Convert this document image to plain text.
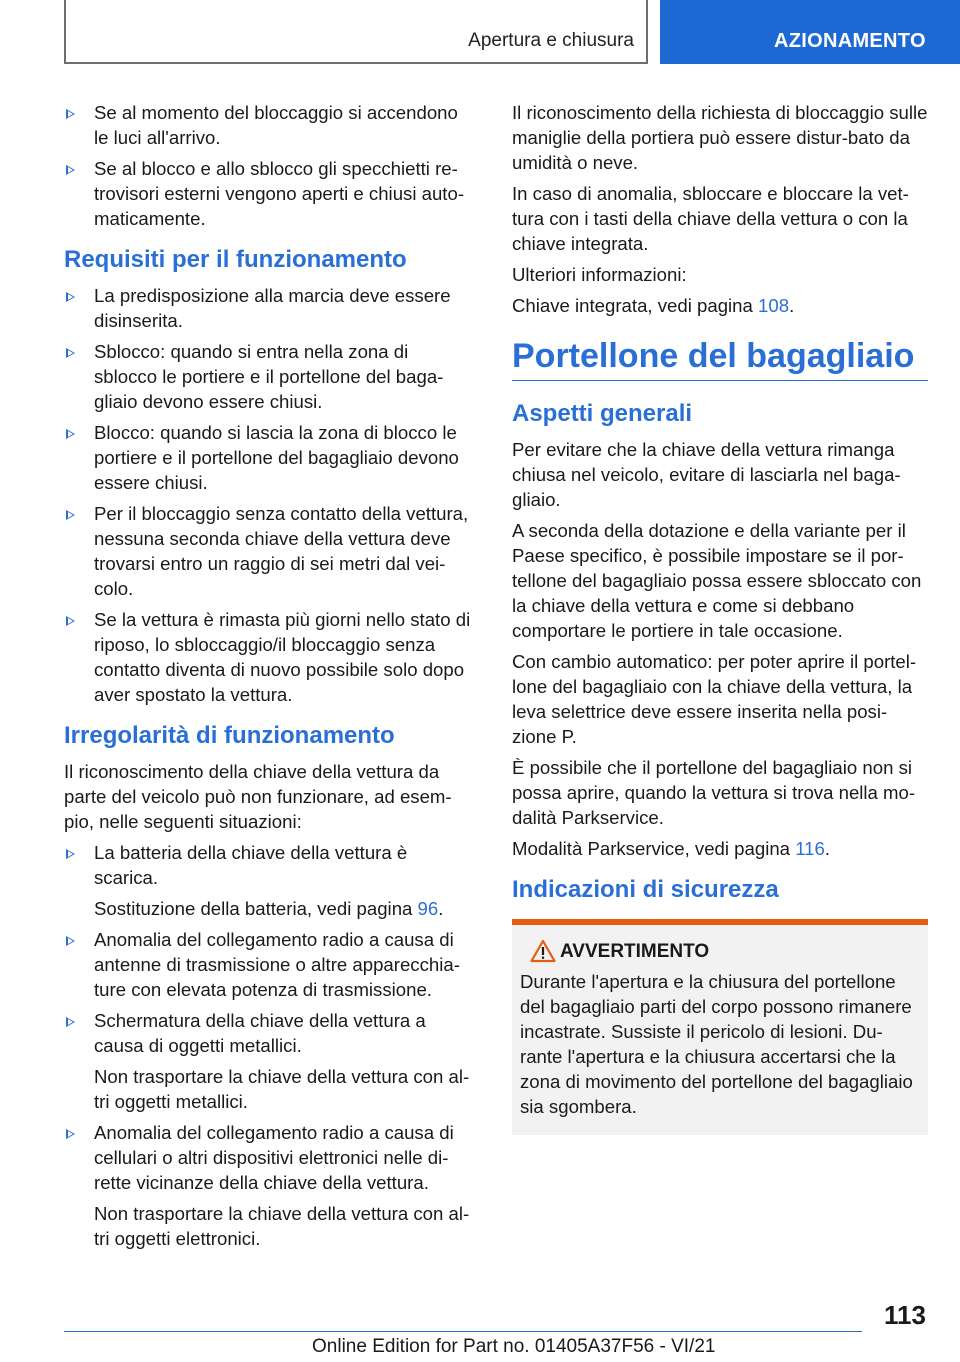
Apertura e chiusura	AZIONAMENTO
Se al momento del bloccaggio si accendono le luci all'arrivo.
Se al blocco e allo sblocco gli specchietti re-trovisori esterni vengono aperti e chiusi auto-maticamente.
Requisiti per il funzionamento
La predisposizione alla marcia deve essere disinserita.
Sblocco: quando si entra nella zona di sblocco le portiere e il portellone del baga-gliaio devono essere chiusi.
Blocco: quando si lascia la zona di blocco le portiere e il portellone del bagagliaio devono essere chiusi.
Per il bloccaggio senza contatto della vettura, nessuna seconda chiave della vettura deve trovarsi entro un raggio di sei metri dal vei-colo.
Se la vettura è rimasta più giorni nello stato di riposo, lo sbloccaggio/il bloccaggio senza contatto diventa di nuovo possibile solo dopo aver spostato la vettura.
Irregolarità di funzionamento

Il riconoscimento della chiave della vettura da parte del veicolo può non funzionare, ad esem-pio, nelle seguenti situazioni:

La batteria della chiave della vettura è scarica.
Sostituzione della batteria, vedi pagina 96.
Anomalia del collegamento radio a causa di antenne di trasmissione o altre apparecchia-ture con elevata potenza di trasmissione.
Schermatura della chiave della vettura a causa di oggetti metallici.
Non trasportare la chiave della vettura con al-tri oggetti metallici.
Anomalia del collegamento radio a causa di cellulari o altri dispositivi elettronici nelle di-rette vicinanze della chiave della vettura.
Non trasportare la chiave della vettura con al-tri oggetti elettronici.

Il riconoscimento della richiesta di bloccaggio sulle maniglie della portiera può essere distur-bato da umidità o neve.

In caso di anomalia, sbloccare e bloccare la vet-tura con i tasti della chiave della vettura o con la chiave integrata.

Ulteriori informazioni:

Chiave integrata, vedi pagina 108.

Portellone del bagagliaio
Aspetti generali

Per evitare che la chiave della vettura rimanga chiusa nel veicolo, evitare di lasciarla nel baga-gliaio.

A seconda della dotazione e della variante per il Paese specifico, è possibile impostare se il por-tellone del bagagliaio possa essere sbloccato con la chiave della vettura e come si debbano comportare le portiere in tale occasione.

Con cambio automatico: per poter aprire il portel-lone del bagagliaio con la chiave della vettura, la leva selettrice deve essere inserita nella posi-zione P.

È possibile che il portellone del bagagliaio non si possa aprire, quando la vettura si trova nella mo-dalità Parkservice.

Modalità Parkservice, vedi pagina 116.

Indicazioni di sicurezza
AVVERTIMENTO

Durante l'apertura e la chiusura del portellone del bagagliaio parti del corpo possono rimanere incastrate. Sussiste il pericolo di lesioni. Du-rante l'apertura e la chiusura accertarsi che la zona di movimento del portellone del bagagliaio sia sgombera.

113
Online Edition for Part no. 01405A37F56 - VI/21
